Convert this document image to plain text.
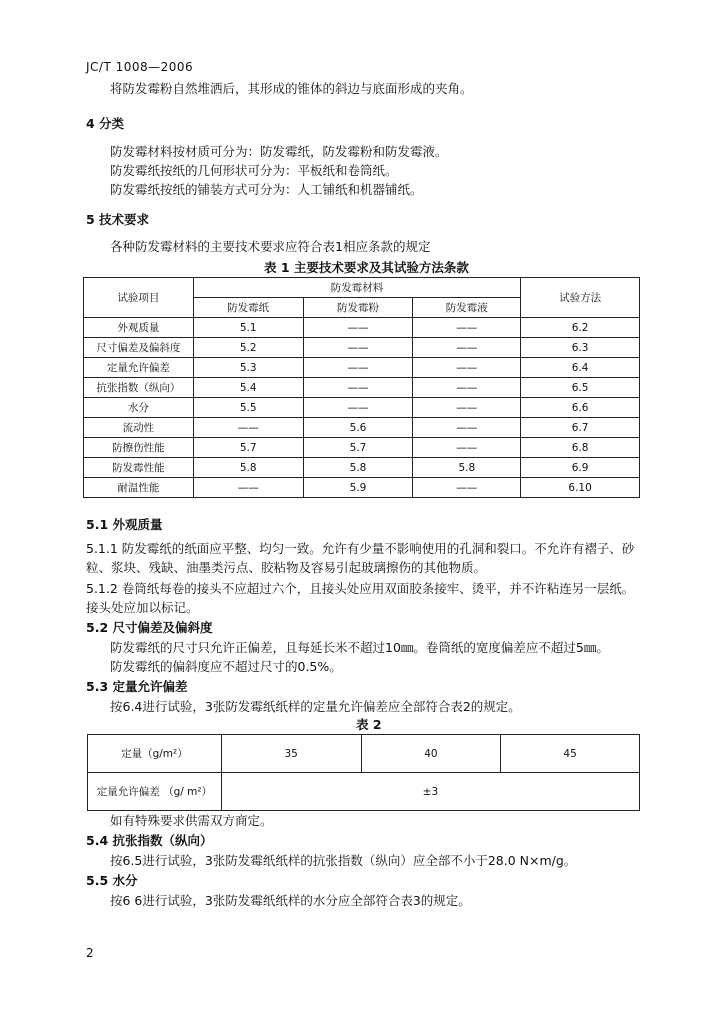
JC/T 1008—2006
将防发霉粉自然堆洒后，其形成的锥体的斜边与底面形成的夹角。
4 分类
防发霉材料按材质可分为：防发霉纸，防发霉粉和防发霉液。
防发霉纸按纸的几何形状可分为：平板纸和卷筒纸。
防发霉纸按纸的铺装方式可分为：人工铺纸和机器铺纸。
5 技术要求
各种防发霉材料的主要技术要求应符合表1相应条款的规定
5.1 外观质量
5.1.1 防发霉纸的纸面应平整、均匀一致。允许有少量不影响使用的孔洞和裂口。不允许有褶子、砂
粒、浆块、残缺、油墨类污点、胶粘物及容易引起玻璃擦伤的其他物质。
5.1.2 卷筒纸每卷的接头不应超过六个，且接头处应用双面胶条接牢、烫平，并不许粘连另一层纸。
接头处应加以标记。
5.2 尺寸偏差及偏斜度
防发霉纸的尺寸只允许正偏差，且每延长米不超过10㎜。卷筒纸的宽度偏差应不超过5㎜。
防发霉纸的偏斜度应不超过尺寸的0.5%。
5.3 定量允许偏差
按6.4进行试验，3张防发霉纸纸样的定量允许偏差应全部符合表2的规定。
如有特殊要求供需双方商定。
5.4 抗张指数（纵向）
按6.5进行试验，3张防发霉纸纸样的抗张指数（纵向）应全部不小于28.0 N×m/g。
5.5 水分
按6 6进行试验，3张防发霉纸纸样的水分应全部符合表3的规定。
表 1 主要技术要求及其试验方法条款
试验项目	防发霉材料			试验方法
	防发霉纸	防发霉粉	防发霉液	
外观质量	5.1	——	——	6.2
尺寸偏差及偏斜度	5.2	——	——	6.3
定量允许偏差	5.3	——	——	6.4
抗张指数（纵向）	5.4	——	——	6.5
水分	5.5	——	——	6.6
流动性	——	5.6	——	6.7
防擦伤性能	5.7	5.7	——	6.8
防发霉性能	5.8	5.8	5.8	6.9
耐温性能	——	5.9	——	6.10
表 2
定量（g/m²）	35	40	45
定量允许偏差 （g/ m²）	±3		
2
